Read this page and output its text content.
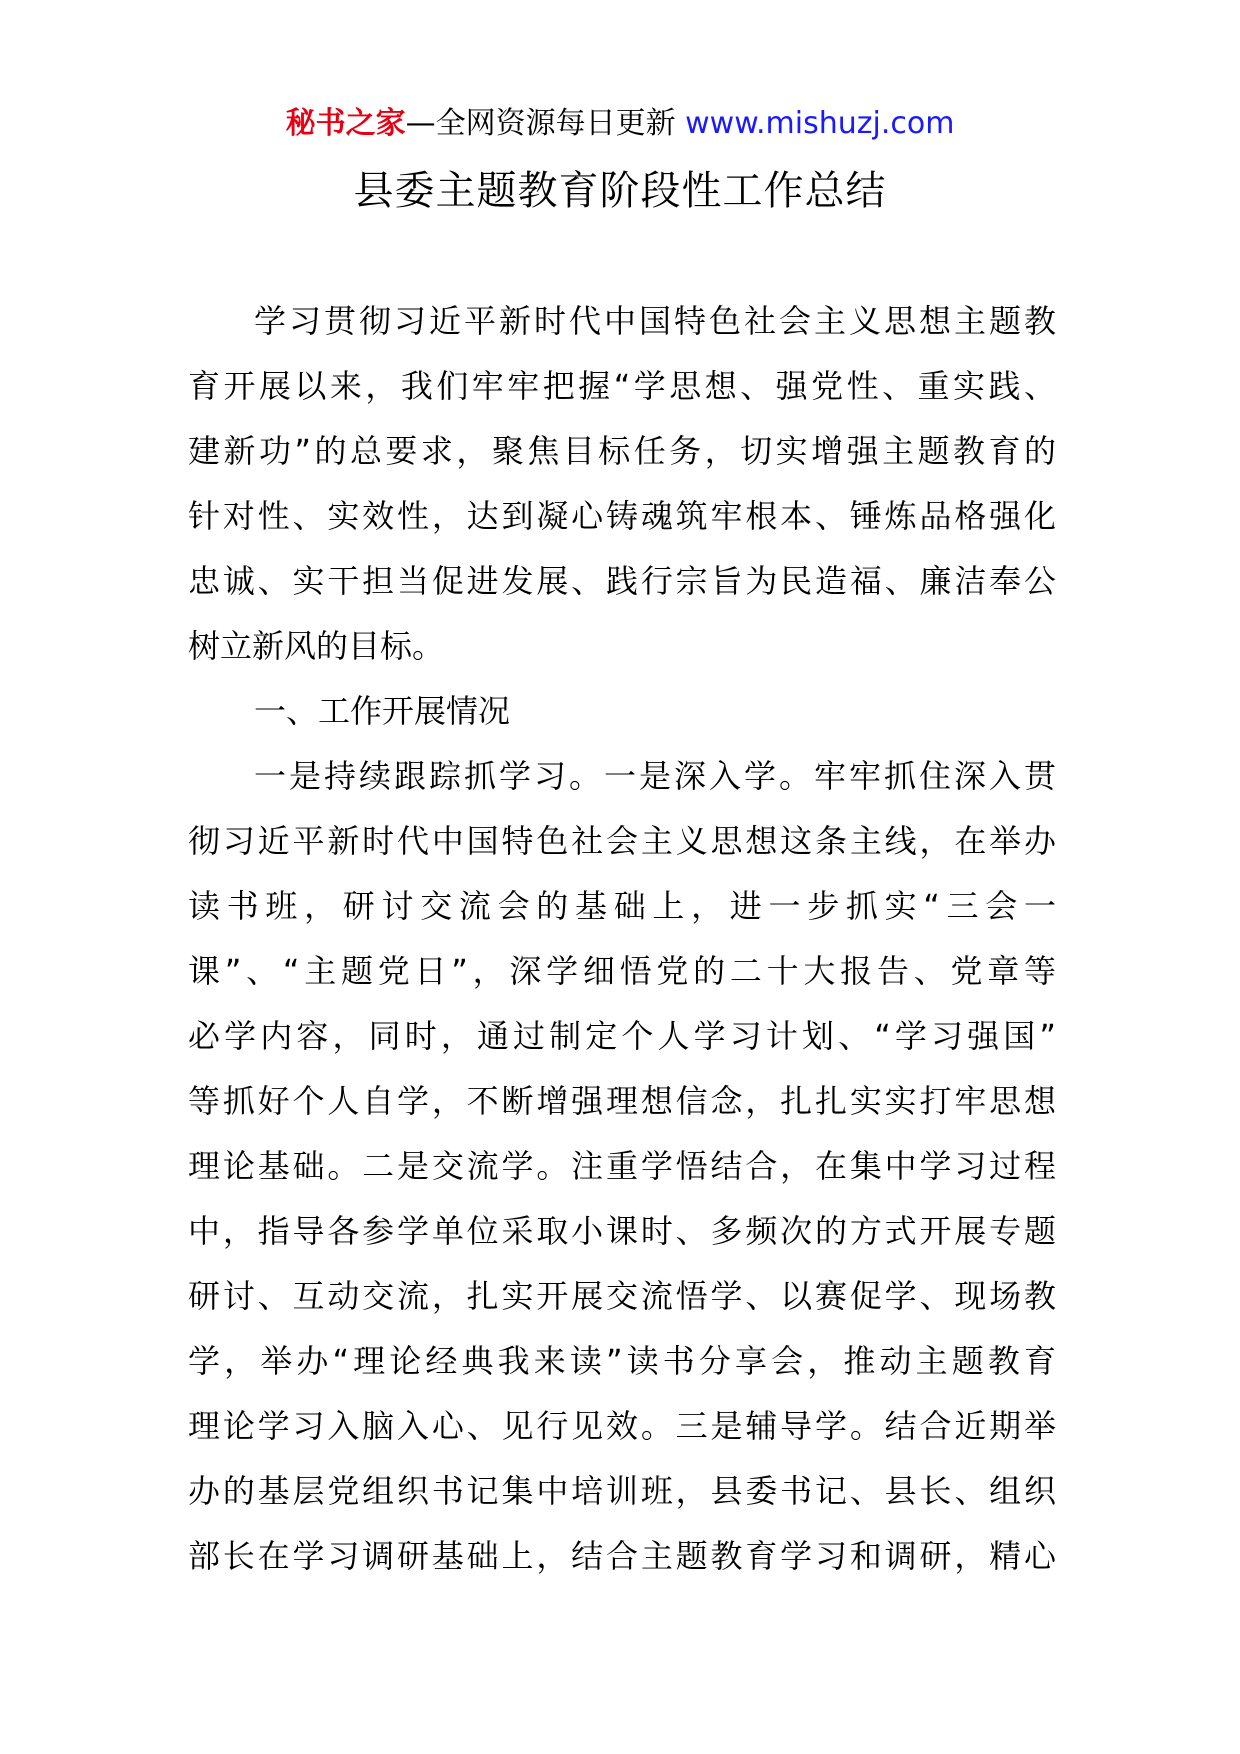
秘书之家—全网资源每日更新 www.mishuzj.com
县委主题教育阶段性工作总结
学习贯彻习近平新时代中国特色社会主义思想主题教
育开展以来，我们牢牢把握“学思想、强党性、重实践、
建新功”的总要求，聚焦目标任务，切实增强主题教育的
针对性、实效性，达到凝心铸魂筑牢根本、锤炼品格强化
忠诚、实干担当促进发展、践行宗旨为民造福、廉洁奉公
树立新风的目标。
一、工作开展情况
一是持续跟踪抓学习。一是深入学。牢牢抓住深入贯
彻习近平新时代中国特色社会主义思想这条主线，在举办
读书班，研讨交流会的基础上，进一步抓实“三会一
课”、“主题党日”，深学细悟党的二十大报告、党章等
必学内容，同时，通过制定个人学习计划、“学习强国”
等抓好个人自学，不断增强理想信念，扎扎实实打牢思想
理论基础。二是交流学。注重学悟结合，在集中学习过程
中，指导各参学单位采取小课时、多频次的方式开展专题
研讨、互动交流，扎实开展交流悟学、以赛促学、现场教
学，举办“理论经典我来读”读书分享会，推动主题教育
理论学习入脑入心、见行见效。三是辅导学。结合近期举
办的基层党组织书记集中培训班，县委书记、县长、组织
部长在学习调研基础上，结合主题教育学习和调研，精心
